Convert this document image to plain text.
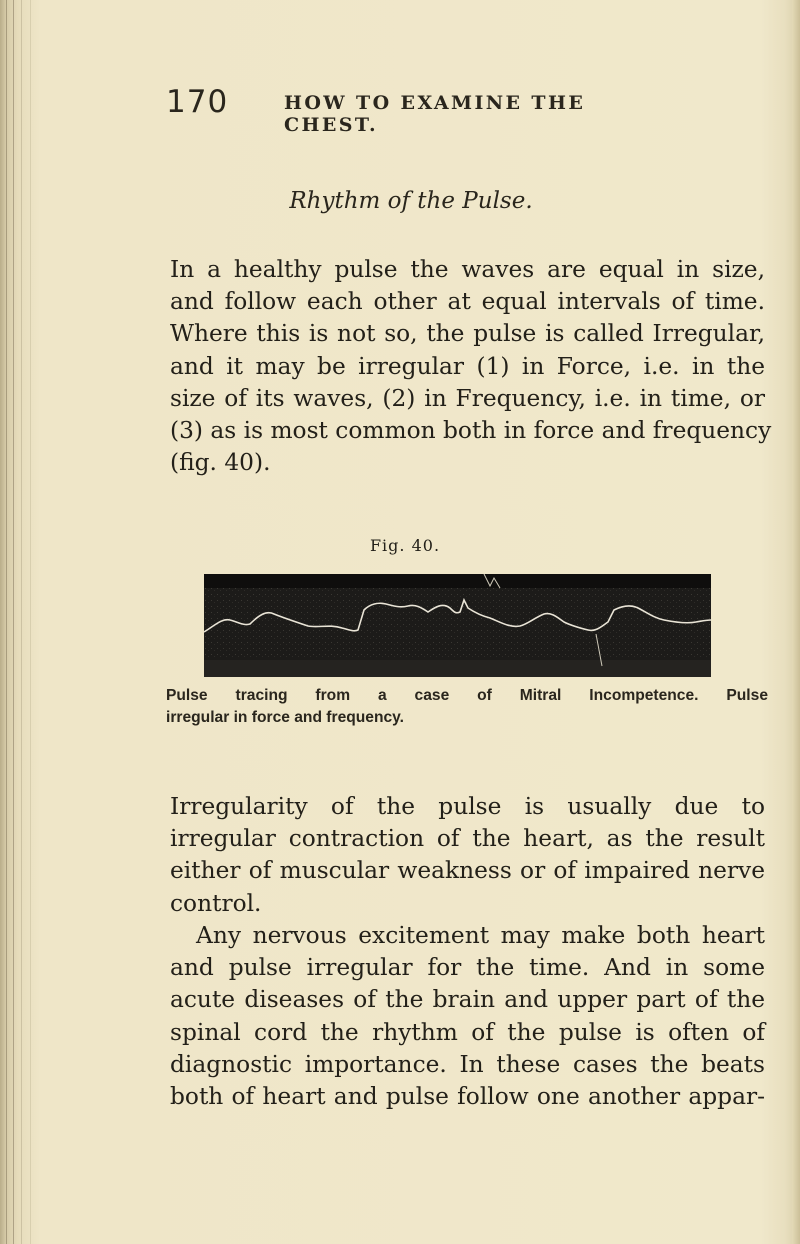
170	HOW TO EXAMINE THE CHEST.
Rhythm of the Pulse.
In a healthy pulse the waves are equal in size,
and follow each other at equal intervals of time.
Where this is not so, the pulse is called Irregular,
and it may be irregular (1) in Force, i.e. in the
size of its waves, (2) in Frequency, i.e. in time, or
(3) as is most common both in force and frequency
(fig. 40).
Fig. 40.
Pulse tracing from a case of Mitral Incompetence. Pulse
irregular in force and frequency.
Irregularity of the pulse is usually due to
irregular contraction of the heart, as the result
either of muscular weakness or of impaired nerve
control.
Any nervous excitement may make both heart
and pulse irregular for the time. And in some
acute diseases of the brain and upper part of the
spinal cord the rhythm of the pulse is often of
diagnostic importance. In these cases the beats
both of heart and pulse follow one another appar-
